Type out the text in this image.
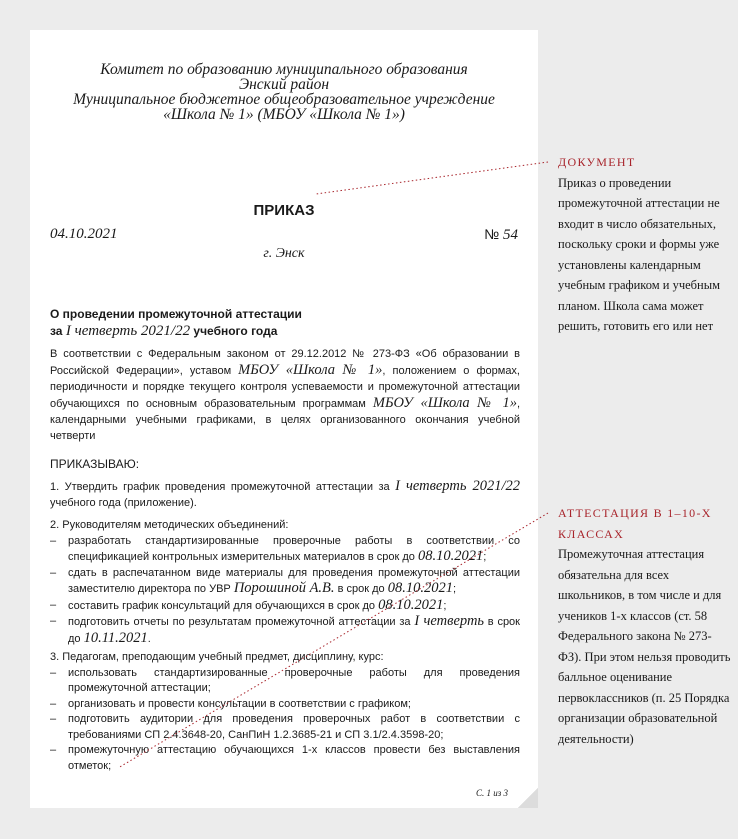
Комитет по образованию муниципального образования
Энский район
Муниципальное бюджетное общеобразовательное учреждение
«Школа № 1» (МБОУ «Школа № 1»)
ПРИКАЗ
04.10.2021	№ 54
г. Энск
О проведении промежуточной аттестации
за I четверть 2021/22 учебного года
В соответствии с Федеральным законом от 29.12.2012 № 273-ФЗ «Об образовании в Российской Федерации», уставом МБОУ «Школа № 1», положением о формах, периодичности и порядке текущего контроля успеваемости и промежуточной аттестации обучающихся по основным образовательным программам МБОУ «Школа № 1», календарными учебными графиками, в целях организованного окончания учебной четверти
ПРИКАЗЫВАЮ:
1. Утвердить график проведения промежуточной аттестации за I четверть 2021/22 учебного года (приложение).
2. Руководителям методических объединений:
– разработать стандартизированные проверочные работы в соответствии со спецификацией контрольных измерительных материалов в срок до 08.10.2021;
– сдать в распечатанном виде материалы для проведения промежуточной аттестации заместителю директора по УВР Порошиной А.В. в срок до 08.10.2021;
– составить график консультаций для обучающихся в срок до 08.10.2021;
– подготовить отчеты по результатам промежуточной аттестации за I четверть в срок до 10.11.2021.
3. Педагогам, преподающим учебный предмет, дисциплину, курс:
– использовать стандартизированные проверочные работы для проведения промежуточной аттестации;
– организовать и провести консультации в соответствии с графиком;
– подготовить аудитории для проведения проверочных работ в соответствии с требованиями СП 2.4.3648-20, СанПиН 1.2.3685-21 и СП 3.1/2.4.3598-20;
– промежуточную аттестацию обучающихся 1-х классов провести без выставления отметок;
С. 1 из 3
ДОКУМЕНТ
Приказ о проведении промежуточной аттестации не входит в число обязательных, поскольку сроки и формы уже установлены календарным учебным графиком и учебным планом. Школа сама может решить, готовить его или нет
АТТЕСТАЦИЯ В 1–10-Х КЛАССАХ
Промежуточная аттестация обязательна для всех школьников, в том числе и для учеников 1-х классов (ст. 58 Федерального закона № 273-ФЗ). При этом нельзя проводить балльное оценивание первоклассников (п. 25 Порядка организации образовательной деятельности)
